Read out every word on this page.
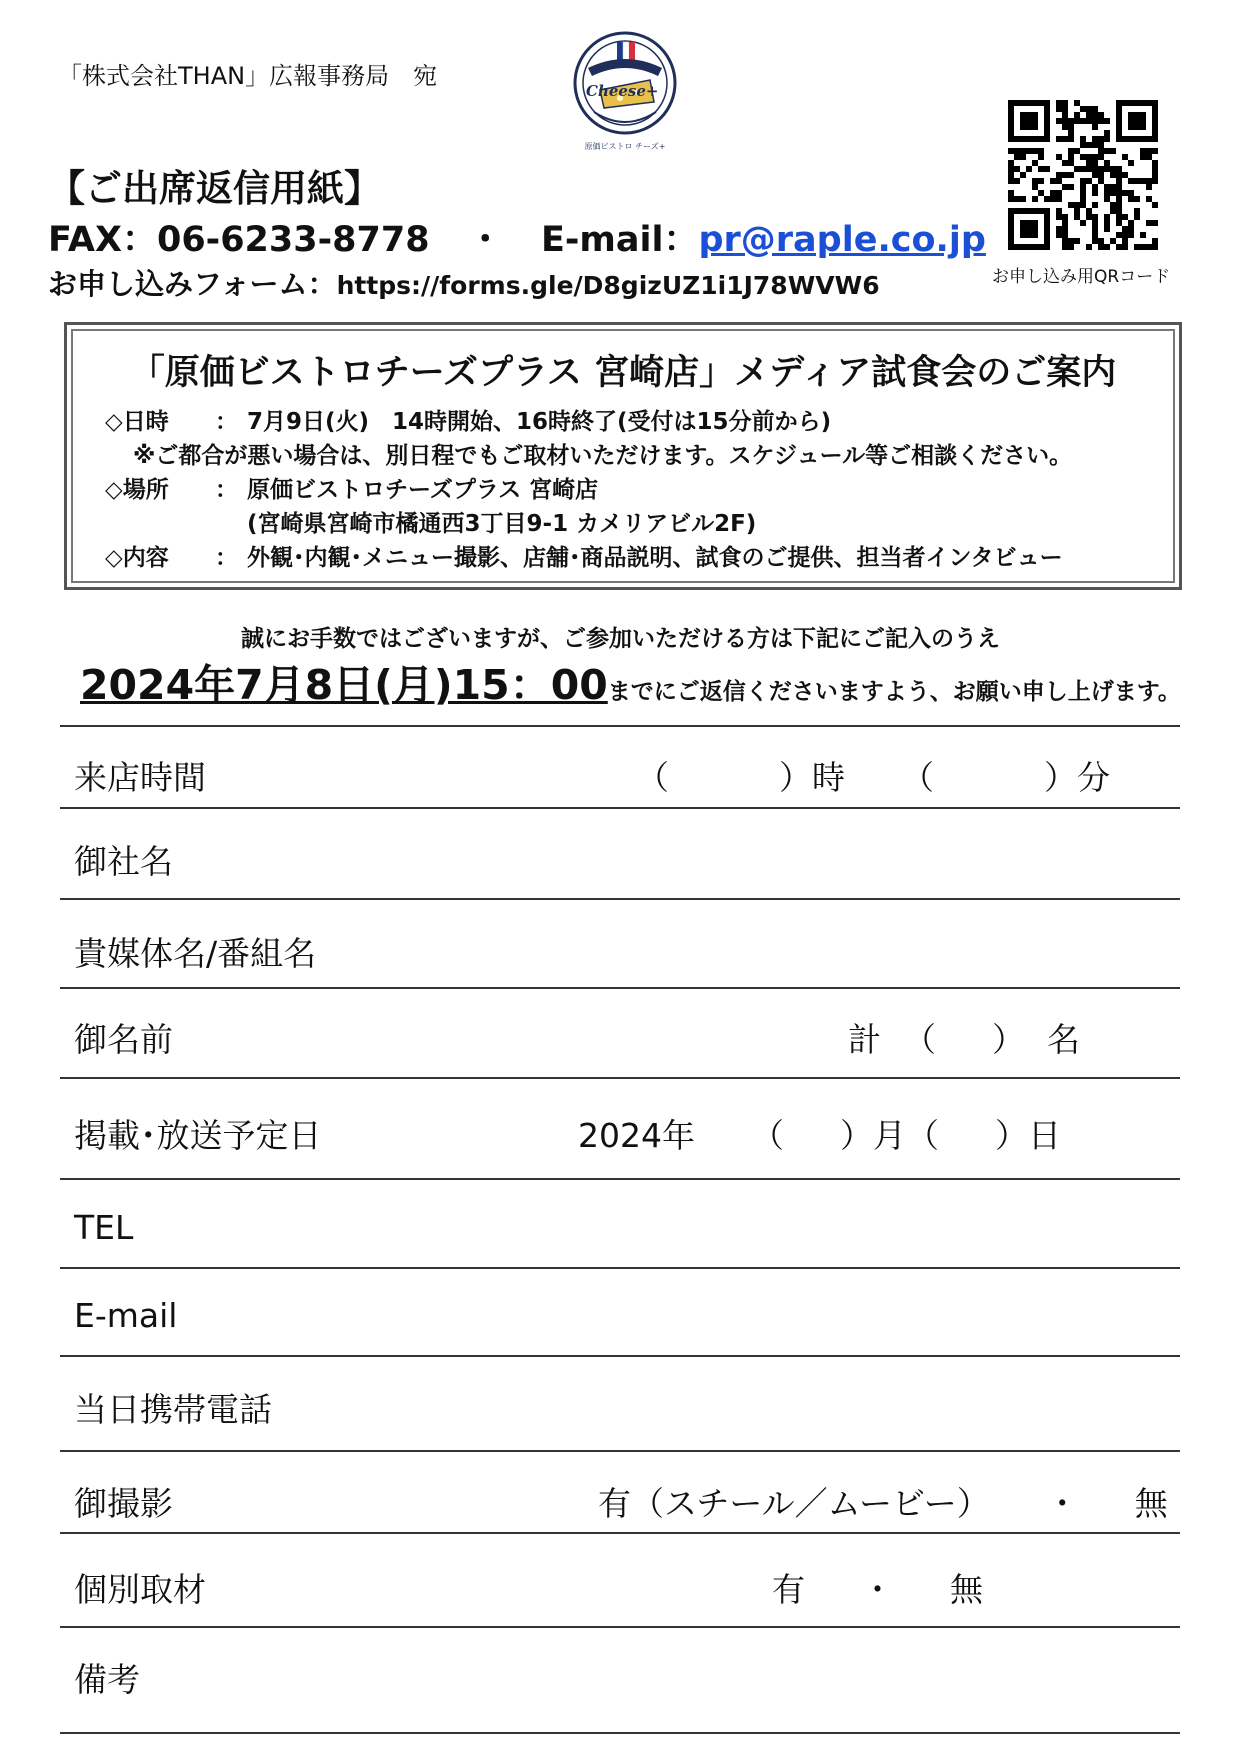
「株式会社THAN」広報事務局　宛
Cheese+
原価ビストロ チーズ+
お申し込み用QRコード
【ご出席返信用紙】
FAX：06-6233-8778 ・ E-mail：pr@raple.co.jp
お申し込みフォーム：https://forms.gle/D8gizUZ1i1J78WVW6
「原価ビストロチーズプラス 宮崎店」メディア試食会のご案内
◇日時 ： 7月9日(火)　14時開始、16時終了(受付は15分前から)
※ご都合が悪い場合は、別日程でもご取材いただけます。スケジュール等ご相談ください。
◇場所 ： 原価ビストロチーズプラス 宮崎店
(宮崎県宮崎市橘通西3丁目9-1 カメリアビル2F)
◇内容 ： 外観･内観･メニュー撮影、店舗･商品説明、試食のご提供、担当者インタビュー
誠にお手数ではございますが、ご参加いただける方は下記にご記入のうえ
2024年7月8日(月)15：00までにご返信くださいますよう、お願い申し上げます。
来店時間	（	）時 （	）分
御社名
貴媒体名/番組名
御名前	計 （ ） 名
掲載･放送予定日	2024年 （ ）月（ ）日
TEL
E-mail
当日携帯電話
御撮影	有（スチール／ムービー） ・ 無
個別取材	有 ・ 無
備考
